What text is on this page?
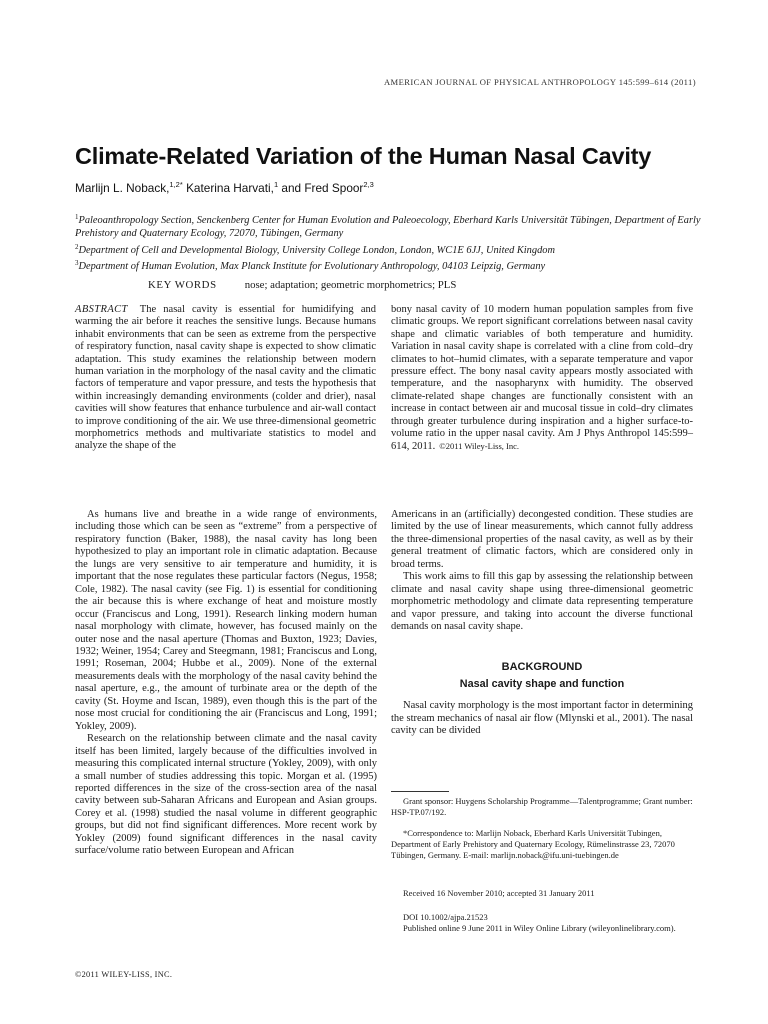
AMERICAN JOURNAL OF PHYSICAL ANTHROPOLOGY 145:599–614 (2011)
Climate-Related Variation of the Human Nasal Cavity
Marlijn L. Noback,$^{1,2*}$ Katerina Harvati,$^1$ and Fred Spoor$^{2,3}$
$^1$Paleoanthropology Section, Senckenberg Center for Human Evolution and Paleoecology, Eberhard Karls Universität Tübingen, Department of Early Prehistory and Quaternary Ecology, 72070, Tübingen, Germany
$^2$Department of Cell and Developmental Biology, University College London, London, WC1E 6JJ, United Kingdom
$^3$Department of Human Evolution, Max Planck Institute for Evolutionary Anthropology, 04103 Leipzig, Germany
KEY WORDS	nose; adaptation; geometric morphometrics; PLS

ABSTRACT The nasal cavity is essential for humidifying and warming the air before it reaches the sensitive lungs. Because humans inhabit environments that can be seen as extreme from the perspective of respiratory function, nasal cavity shape is expected to show climatic adaptation. This study examines the relationship between modern human variation in the morphology of the nasal cavity and the climatic factors of temperature and vapor pressure, and tests the hypothesis that within increasingly demanding environments (colder and drier), nasal cavities will show features that enhance turbulence and air-wall contact to improve conditioning of the air. We use three-dimensional geometric morphometrics methods and multivariate statistics to model and analyze the shape of the

bony nasal cavity of 10 modern human population samples from five climatic groups. We report significant correlations between nasal cavity shape and climatic variables of both temperature and humidity. Variation in nasal cavity shape is correlated with a cline from cold–dry climates to hot–humid climates, with a separate temperature and vapor pressure effect. The bony nasal cavity appears mostly associated with temperature, and the nasopharynx with humidity. The observed climate-related shape changes are functionally consistent with an increase in contact between air and mucosal tissue in cold–dry climates through greater turbulence during inspiration and a higher surface-to-volume ratio in the upper nasal cavity. Am J Phys Anthropol 145:599–614, 2011. ©2011 Wiley-Liss, Inc.

As humans live and breathe in a wide range of environments, including those which can be seen as “extreme” from a perspective of respiratory function (Baker, 1988), the nasal cavity has long been hypothesized to play an important role in climatic adaptation. Because the lungs are very sensitive to air temperature and humidity, it is important that the nose regulates these particular factors (Negus, 1958; Cole, 1982). The nasal cavity (see Fig. 1) is essential for conditioning the air because this is where exchange of heat and moisture mostly occur (Franciscus and Long, 1991). Research linking modern human nasal morphology with climate, however, has focused mainly on the outer nose and the nasal aperture (Thomas and Buxton, 1923; Davies, 1932; Weiner, 1954; Carey and Steegmann, 1981; Franciscus and Long, 1991; Roseman, 2004; Hubbe et al., 2009). None of the external measurements deals with the morphology of the nasal cavity behind the nasal aperture, e.g., the amount of turbinate area or the depth of the cavity (St. Hoyme and Iscan, 1989), even though this is the part of the nose most crucial for conditioning the air (Franciscus and Long, 1991; Yokley, 2009).

Research on the relationship between climate and the nasal cavity itself has been limited, largely because of the difficulties involved in measuring this complicated internal structure (Yokley, 2009), with only a small number of studies addressing this topic. Morgan et al. (1995) reported differences in the size of the cross-section area of the nasal cavity between sub-Saharan Africans and European and Asian groups. Corey et al. (1998) studied the nasal volume in different geographic groups, but did not find significant differences. More recent work by Yokley (2009) found significant differences in the nasal cavity surface/volume ratio between European and African

Americans in an (artificially) decongested condition. These studies are limited by the use of linear measurements, which cannot fully address the three-dimensional properties of the nasal cavity, as well as by their general treatment of climatic factors, which are considered only in broad terms.

This work aims to fill this gap by assessing the relationship between climate and nasal cavity shape using three-dimensional geometric morphometric methodology and climate data representing temperature and vapor pressure, and taking into account the diverse functional demands on nasal cavity shape.

BACKGROUND

Nasal cavity shape and function

Nasal cavity morphology is the most important factor in determining the stream mechanics of nasal air flow (Mlynski et al., 2001). The nasal cavity can be divided

Grant sponsor: Huygens Scholarship Programme—Talentprogramme; Grant number: HSP-TP.07/192.

*Correspondence to: Marlijn Noback, Eberhard Karls Universität Tubingen, Department of Early Prehistory and Quaternary Ecology, Rümelinstrasse 23, 72070 Tübingen, Germany. E-mail: marlijn.noback@ifu.uni-tuebingen.de

Received 16 November 2010; accepted 31 January 2011

DOI 10.1002/ajpa.21523

Published online 9 June 2011 in Wiley Online Library (wileyonlinelibrary.com).

©2011 WILEY-LISS, INC.
